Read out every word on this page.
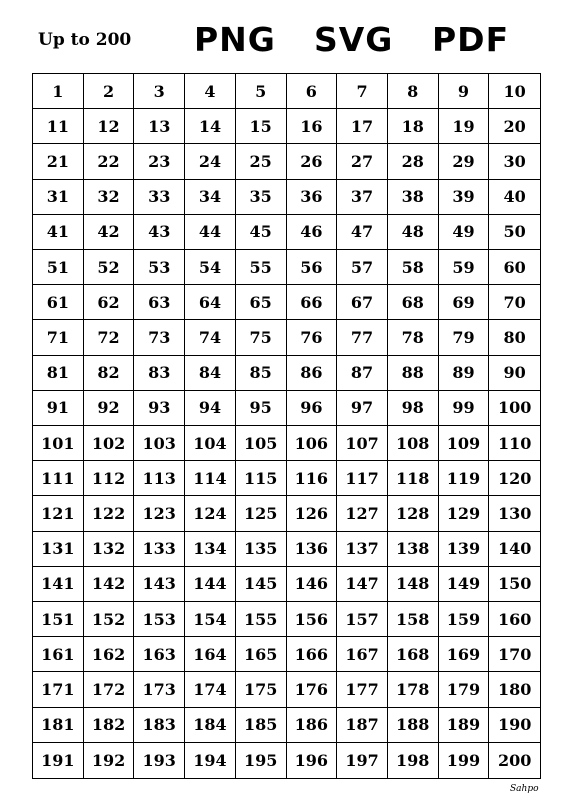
Up to 200 PNG SVG PDF
1	2	3	4	5	6	7	8	9	10
11	12	13	14	15	16	17	18	19	20
21	22	23	24	25	26	27	28	29	30
31	32	33	34	35	36	37	38	39	40
41	42	43	44	45	46	47	48	49	50
51	52	53	54	55	56	57	58	59	60
61	62	63	64	65	66	67	68	69	70
71	72	73	74	75	76	77	78	79	80
81	82	83	84	85	86	87	88	89	90
91	92	93	94	95	96	97	98	99	100
101	102	103	104	105	106	107	108	109	110
111	112	113	114	115	116	117	118	119	120
121	122	123	124	125	126	127	128	129	130
131	132	133	134	135	136	137	138	139	140
141	142	143	144	145	146	147	148	149	150
151	152	153	154	155	156	157	158	159	160
161	162	163	164	165	166	167	168	169	170
171	172	173	174	175	176	177	178	179	180
181	182	183	184	185	186	187	188	189	190
191	192	193	194	195	196	197	198	199	200
Sahpo
